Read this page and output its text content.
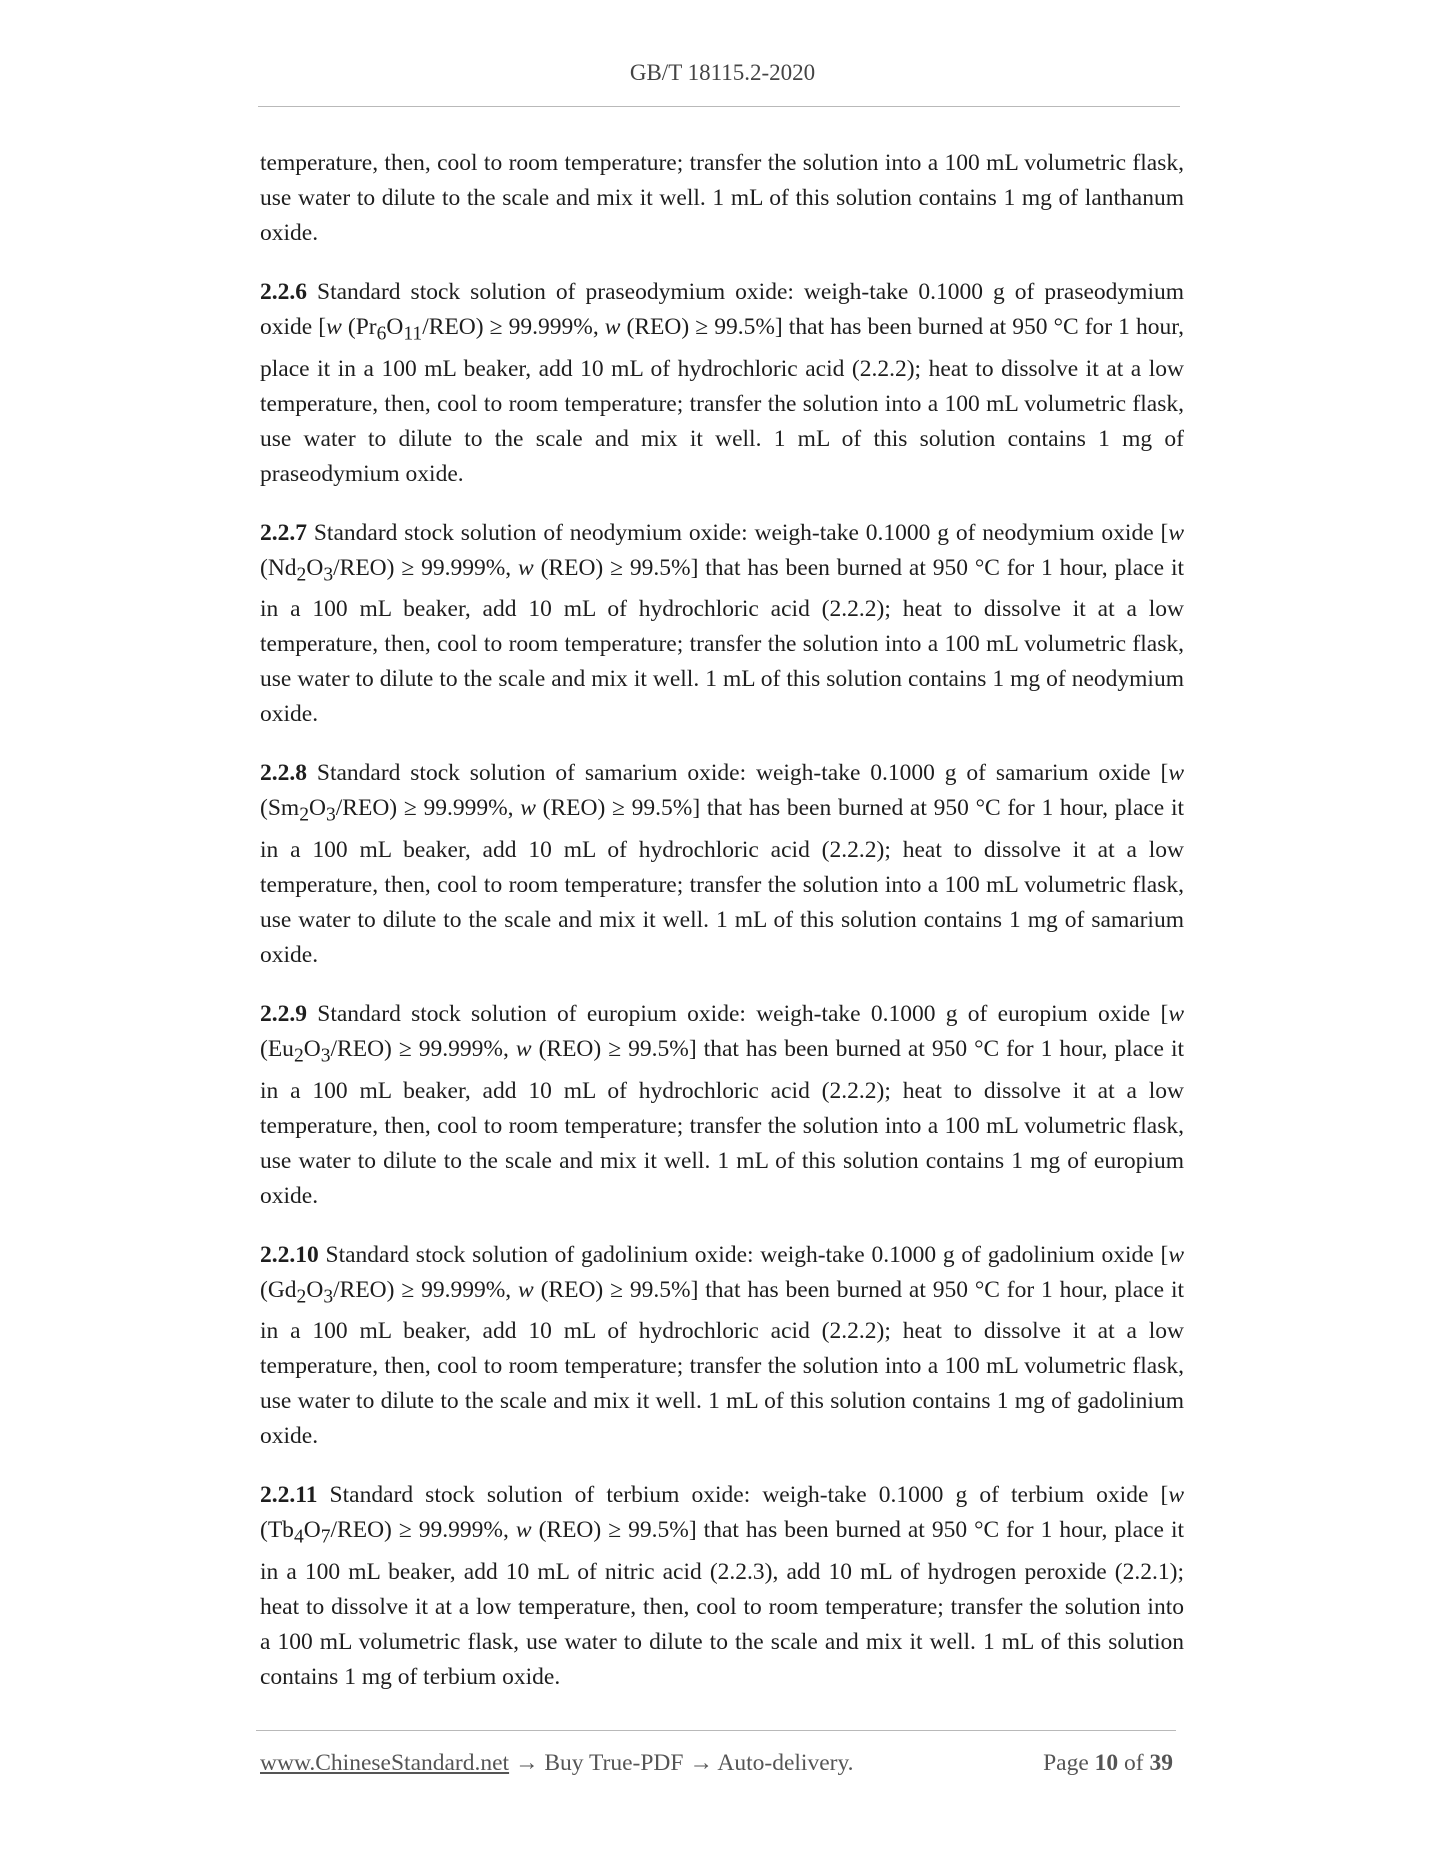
GB/T 18115.2-2020

temperature, then, cool to room temperature; transfer the solution into a 100 mL volumetric flask, use water to dilute to the scale and mix it well. 1 mL of this solution contains 1 mg of lanthanum oxide.

2.2.6 Standard stock solution of praseodymium oxide: weigh-take 0.1000 g of praseodymium oxide [w $(Pr_6O_{11}/REO) \ge 99.999\%$, w (REO) ≥ 99.5%] that has been burned at 950 °C for 1 hour, place it in a 100 mL beaker, add 10 mL of hydrochloric acid (2.2.2); heat to dissolve it at a low temperature, then, cool to room temperature; transfer the solution into a 100 mL volumetric flask, use water to dilute to the scale and mix it well. 1 mL of this solution contains 1 mg of praseodymium oxide.

2.2.7 Standard stock solution of neodymium oxide: weigh-take 0.1000 g of neodymium oxide [w $(Nd_2O_3/REO) \ge 99.999\%$, w (REO) ≥ 99.5%] that has been burned at 950 °C for 1 hour, place it in a 100 mL beaker, add 10 mL of hydrochloric acid (2.2.2); heat to dissolve it at a low temperature, then, cool to room temperature; transfer the solution into a 100 mL volumetric flask, use water to dilute to the scale and mix it well. 1 mL of this solution contains 1 mg of neodymium oxide.

2.2.8 Standard stock solution of samarium oxide: weigh-take 0.1000 g of samarium oxide [w $(Sm_2O_3/REO) \ge 99.999\%$, w (REO) ≥ 99.5%] that has been burned at 950 °C for 1 hour, place it in a 100 mL beaker, add 10 mL of hydrochloric acid (2.2.2); heat to dissolve it at a low temperature, then, cool to room temperature; transfer the solution into a 100 mL volumetric flask, use water to dilute to the scale and mix it well. 1 mL of this solution contains 1 mg of samarium oxide.

2.2.9 Standard stock solution of europium oxide: weigh-take 0.1000 g of europium oxide [w $(Eu_2O_3/REO) \ge 99.999\%$, w (REO) ≥ 99.5%] that has been burned at 950 °C for 1 hour, place it in a 100 mL beaker, add 10 mL of hydrochloric acid (2.2.2); heat to dissolve it at a low temperature, then, cool to room temperature; transfer the solution into a 100 mL volumetric flask, use water to dilute to the scale and mix it well. 1 mL of this solution contains 1 mg of europium oxide.

2.2.10 Standard stock solution of gadolinium oxide: weigh-take 0.1000 g of gadolinium oxide [w $(Gd_2O_3/REO) \ge 99.999\%$, w (REO) ≥ 99.5%] that has been burned at 950 °C for 1 hour, place it in a 100 mL beaker, add 10 mL of hydrochloric acid (2.2.2); heat to dissolve it at a low temperature, then, cool to room temperature; transfer the solution into a 100 mL volumetric flask, use water to dilute to the scale and mix it well. 1 mL of this solution contains 1 mg of gadolinium oxide.

2.2.11 Standard stock solution of terbium oxide: weigh-take 0.1000 g of terbium oxide [w $(Tb_4O_7/REO) \ge 99.999\%$, w (REO) ≥ 99.5%] that has been burned at 950 °C for 1 hour, place it in a 100 mL beaker, add 10 mL of nitric acid (2.2.3), add 10 mL of hydrogen peroxide (2.2.1); heat to dissolve it at a low temperature, then, cool to room temperature; transfer the solution into a 100 mL volumetric flask, use water to dilute to the scale and mix it well. 1 mL of this solution contains 1 mg of terbium oxide.

www.ChineseStandard.net → Buy True-PDF → Auto-delivery.	Page 10 of 39
